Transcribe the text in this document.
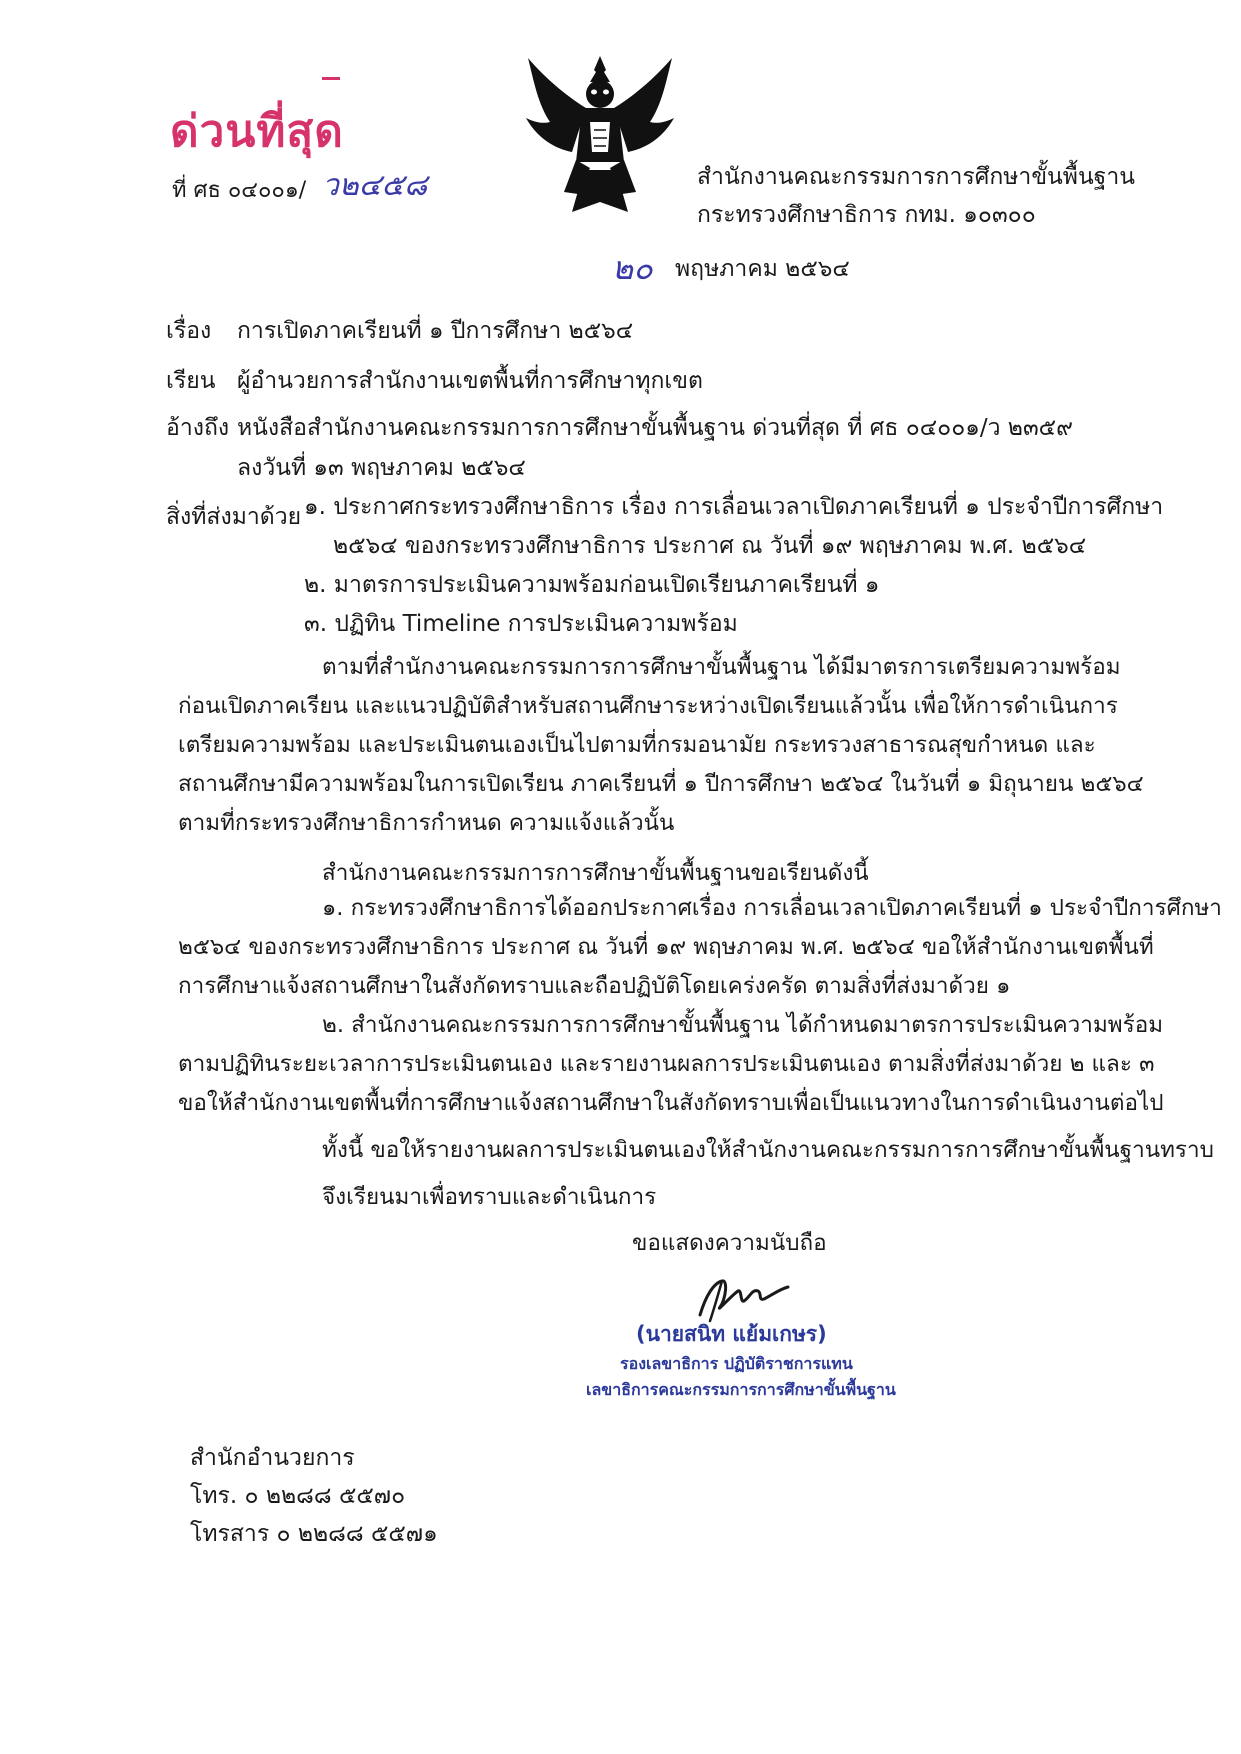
ด่วนที่สุด
ที่ ศธ ๐๔๐๐๑/ ว๒๔๕๘	สำนักงานคณะกรรมการการศึกษาขั้นพื้นฐาน
กระทรวงศึกษาธิการ กทม. ๑๐๓๐๐
๒๐ พฤษภาคม ๒๕๖๔
เรื่อง การเปิดภาคเรียนที่ ๑ ปีการศึกษา ๒๕๖๔
เรียน ผู้อำนวยการสำนักงานเขตพื้นที่การศึกษาทุกเขต
อ้างถึง หนังสือสำนักงานคณะกรรมการการศึกษาขั้นพื้นฐาน ด่วนที่สุด ที่ ศธ ๐๔๐๐๑/ว ๒๓๕๙
ลงวันที่ ๑๓ พฤษภาคม ๒๕๖๔
สิ่งที่ส่งมาด้วย ๑. ประกาศกระทรวงศึกษาธิการ เรื่อง การเลื่อนเวลาเปิดภาคเรียนที่ ๑ ประจำปีการศึกษา
๒๕๖๔ ของกระทรวงศึกษาธิการ ประกาศ ณ วันที่ ๑๙ พฤษภาคม พ.ศ. ๒๕๖๔
๒. มาตรการประเมินความพร้อมก่อนเปิดเรียนภาคเรียนที่ ๑
๓. ปฏิทิน Timeline การประเมินความพร้อม
ตามที่สำนักงานคณะกรรมการการศึกษาขั้นพื้นฐาน ได้มีมาตรการเตรียมความพร้อม
ก่อนเปิดภาคเรียน และแนวปฏิบัติสำหรับสถานศึกษาระหว่างเปิดเรียนแล้วนั้น เพื่อให้การดำเนินการ
เตรียมความพร้อม และประเมินตนเองเป็นไปตามที่กรมอนามัย กระทรวงสาธารณสุขกำหนด และ
สถานศึกษามีความพร้อมในการเปิดเรียน ภาคเรียนที่ ๑ ปีการศึกษา ๒๕๖๔ ในวันที่ ๑ มิถุนายน ๒๕๖๔
ตามที่กระทรวงศึกษาธิการกำหนด ความแจ้งแล้วนั้น
สำนักงานคณะกรรมการการศึกษาขั้นพื้นฐานขอเรียนดังนี้
๑. กระทรวงศึกษาธิการได้ออกประกาศเรื่อง การเลื่อนเวลาเปิดภาคเรียนที่ ๑ ประจำปีการศึกษา
๒๕๖๔ ของกระทรวงศึกษาธิการ ประกาศ ณ วันที่ ๑๙ พฤษภาคม พ.ศ. ๒๕๖๔ ขอให้สำนักงานเขตพื้นที่
การศึกษาแจ้งสถานศึกษาในสังกัดทราบและถือปฏิบัติโดยเคร่งครัด ตามสิ่งที่ส่งมาด้วย ๑
๒. สำนักงานคณะกรรมการการศึกษาขั้นพื้นฐาน ได้กำหนดมาตรการประเมินความพร้อม
ตามปฏิทินระยะเวลาการประเมินตนเอง และรายงานผลการประเมินตนเอง ตามสิ่งที่ส่งมาด้วย ๒ และ ๓
ขอให้สำนักงานเขตพื้นที่การศึกษาแจ้งสถานศึกษาในสังกัดทราบเพื่อเป็นแนวทางในการดำเนินงานต่อไป
ทั้งนี้ ขอให้รายงานผลการประเมินตนเองให้สำนักงานคณะกรรมการการศึกษาขั้นพื้นฐานทราบ
จึงเรียนมาเพื่อทราบและดำเนินการ
ขอแสดงความนับถือ
(นายสนิท แย้มเกษร)
รองเลขาธิการ ปฏิบัติราชการแทน
เลขาธิการคณะกรรมการการศึกษาขั้นพื้นฐาน
สำนักอำนวยการ
โทร. ๐ ๒๒๘๘ ๕๕๗๐
โทรสาร ๐ ๒๒๘๘ ๕๕๗๑
